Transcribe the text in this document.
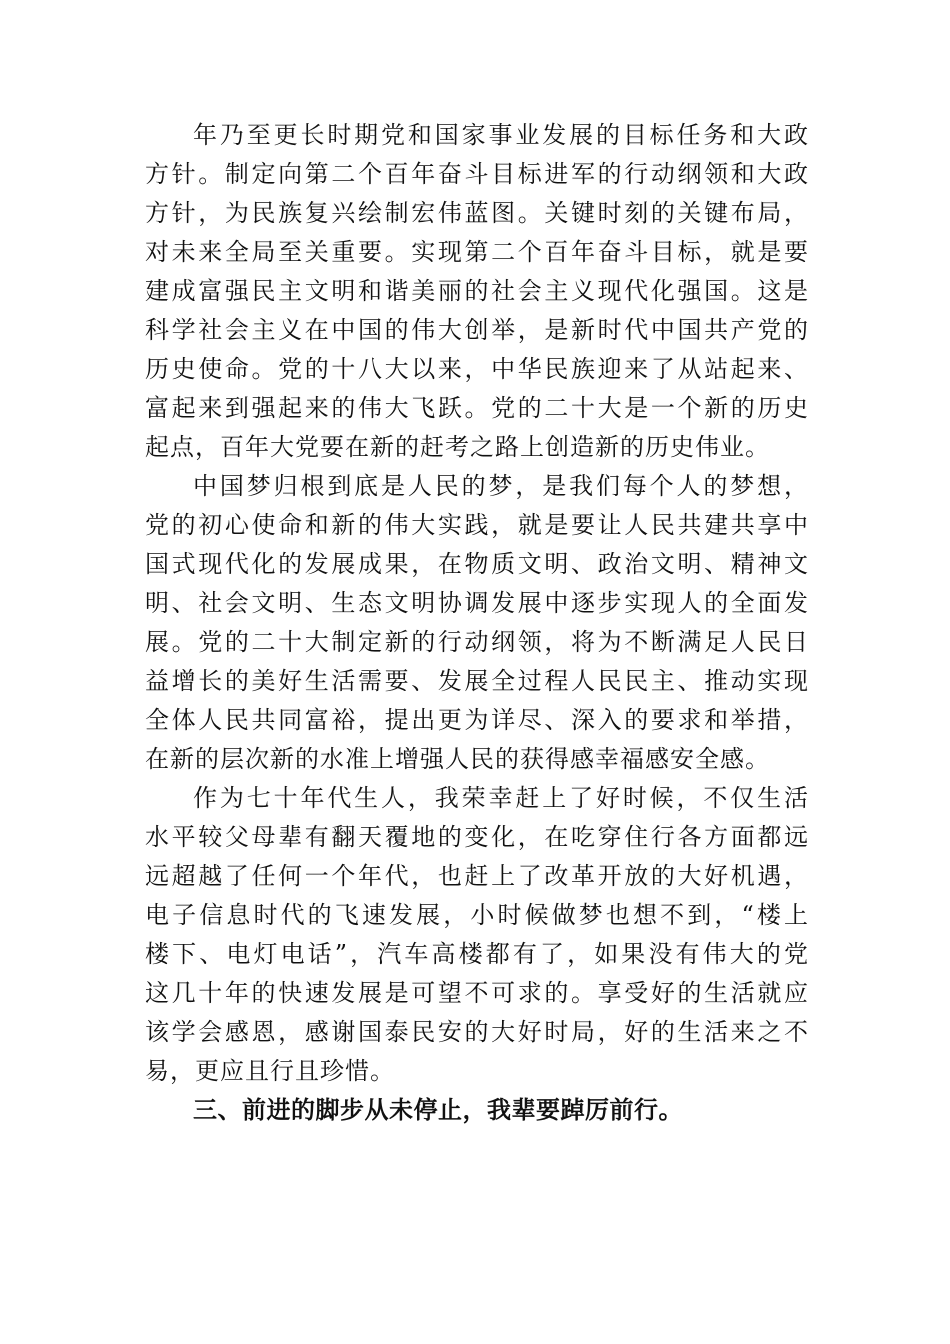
年乃至更长时期党和国家事业发展的目标任务和大政
方针。制定向第二个百年奋斗目标进军的行动纲领和大政
方针，为民族复兴绘制宏伟蓝图。关键时刻的关键布局，
对未来全局至关重要。实现第二个百年奋斗目标，就是要
建成富强民主文明和谐美丽的社会主义现代化强国。这是
科学社会主义在中国的伟大创举，是新时代中国共产党的
历史使命。党的十八大以来，中华民族迎来了从站起来、
富起来到强起来的伟大飞跃。党的二十大是一个新的历史
起点，百年大党要在新的赶考之路上创造新的历史伟业。
中国梦归根到底是人民的梦，是我们每个人的梦想，
党的初心使命和新的伟大实践，就是要让人民共建共享中
国式现代化的发展成果，在物质文明、政治文明、精神文
明、社会文明、生态文明协调发展中逐步实现人的全面发
展。党的二十大制定新的行动纲领，将为不断满足人民日
益增长的美好生活需要、发展全过程人民民主、推动实现
全体人民共同富裕，提出更为详尽、深入的要求和举措，
在新的层次新的水准上增强人民的获得感幸福感安全感。
作为七十年代生人，我荣幸赶上了好时候，不仅生活
水平较父母辈有翻天覆地的变化，在吃穿住行各方面都远
远超越了任何一个年代，也赶上了改革开放的大好机遇，
电子信息时代的飞速发展，小时候做梦也想不到，“楼上
楼下、电灯电话”，汽车高楼都有了，如果没有伟大的党
这几十年的快速发展是可望不可求的。享受好的生活就应
该学会感恩，感谢国泰民安的大好时局，好的生活来之不
易，更应且行且珍惜。
三、前进的脚步从未停止，我辈要踔厉前行。
